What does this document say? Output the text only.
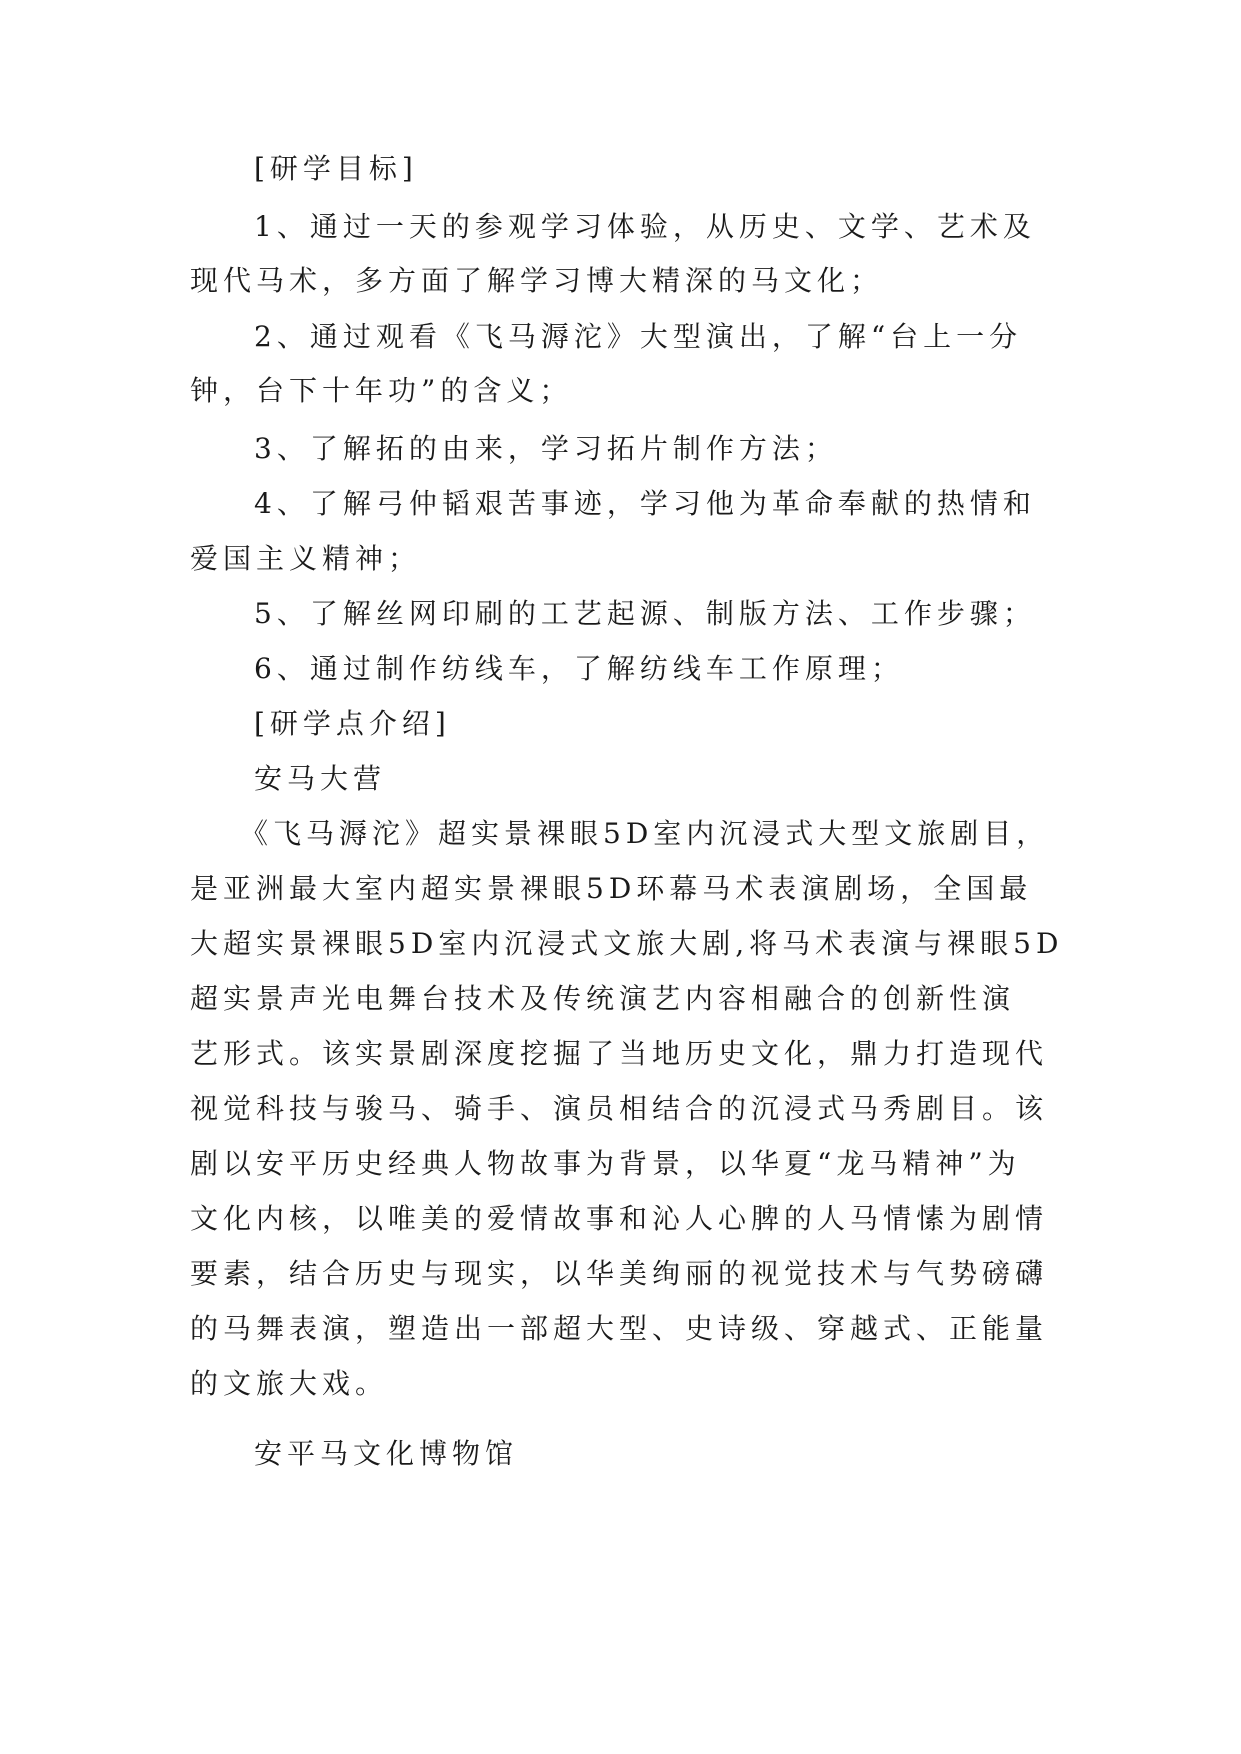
[研学目标]

1、通过一天的参观学习体验，从历史、文学、艺术及

现代马术，多方面了解学习博大精深的马文化；

2、通过观看《飞马溽沱》大型演出，了解“台上一分

钟，台下十年功”的含义；

3、了解拓的由来，学习拓片制作方法；

4、了解弓仲韬艰苦事迹，学习他为革命奉献的热情和

爱国主义精神；

5、了解丝网印刷的工艺起源、制版方法、工作步骤；

6、通过制作纺线车，了解纺线车工作原理；

[研学点介绍]

安马大营

《飞马溽沱》超实景裸眼5D室内沉浸式大型文旅剧目，

是亚洲最大室内超实景裸眼5D环幕马术表演剧场，全国最

大超实景裸眼5D室内沉浸式文旅大剧,将马术表演与裸眼5D

超实景声光电舞台技术及传统演艺内容相融合的创新性演

艺形式。该实景剧深度挖掘了当地历史文化，鼎力打造现代

视觉科技与骏马、骑手、演员相结合的沉浸式马秀剧目。该

剧以安平历史经典人物故事为背景，以华夏“龙马精神”为

文化内核，以唯美的爱情故事和沁人心脾的人马情愫为剧情

要素，结合历史与现实，以华美绚丽的视觉技术与气势磅礴

的马舞表演，塑造出一部超大型、史诗级、穿越式、正能量

的文旅大戏。

安平马文化博物馆
